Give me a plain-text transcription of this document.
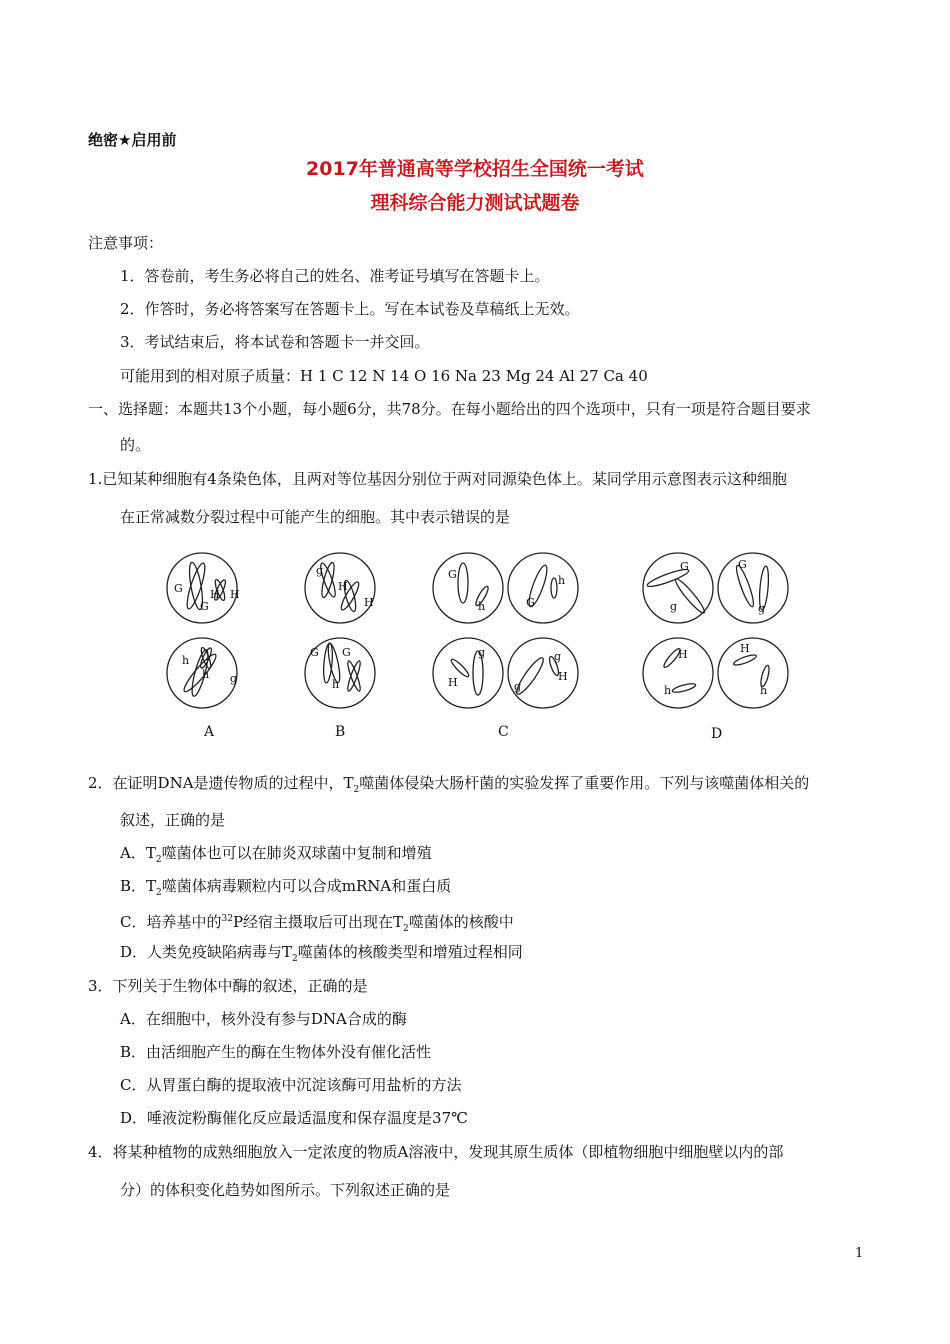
绝密★启用前
2017年普通高等学校招生全国统一考试
理科综合能力测试试题卷
注意事项：
1．答卷前，考生务必将自己的姓名、准考证号填写在答题卡上。
2．作答时，务必将答案写在答题卡上。写在本试卷及草稿纸上无效。
3．考试结束后，将本试卷和答题卡一并交回。
可能用到的相对原子质量：H 1 C 12 N 14 O 16 Na 23 Mg 24 Al 27 Ca 40
一、选择题：本题共13个小题，每小题6分，共78分。在每小题给出的四个选项中，只有一项是符合题目要求
的。
1.已知某种细胞有4条染色体，且两对等位基因分别位于两对同源染色体上。某同学用示意图表示这种细胞
在正常减数分裂过程中可能产生的细胞。其中表示错误的是
G
G
H H
h
h g
g
H
H
G G
h
G
h	G
h
H
g
g
g
H
G
g
G
g
H
h
H
h
A	B	C	D
2．在证明DNA是遗传物质的过程中，$T_2$噬菌体侵染大肠杆菌的实验发挥了重要作用。下列与该噬菌体相关的
叙述，正确的是
A．$T_2$噬菌体也可以在肺炎双球菌中复制和增殖
B．$T_2$噬菌体病毒颗粒内可以合成mRNA和蛋白质
C．培养基中的$^{32}$P经宿主摄取后可出现在$T_2$噬菌体的核酸中
D．人类免疫缺陷病毒与$T_2$噬菌体的核酸类型和增殖过程相同
3．下列关于生物体中酶的叙述，正确的是
A．在细胞中，核外没有参与DNA合成的酶
B．由活细胞产生的酶在生物体外没有催化活性
C．从胃蛋白酶的提取液中沉淀该酶可用盐析的方法
D．唾液淀粉酶催化反应最适温度和保存温度是37℃
4．将某种植物的成熟细胞放入一定浓度的物质A溶液中，发现其原生质体（即植物细胞中细胞壁以内的部
分）的体积变化趋势如图所示。下列叙述正确的是
1
